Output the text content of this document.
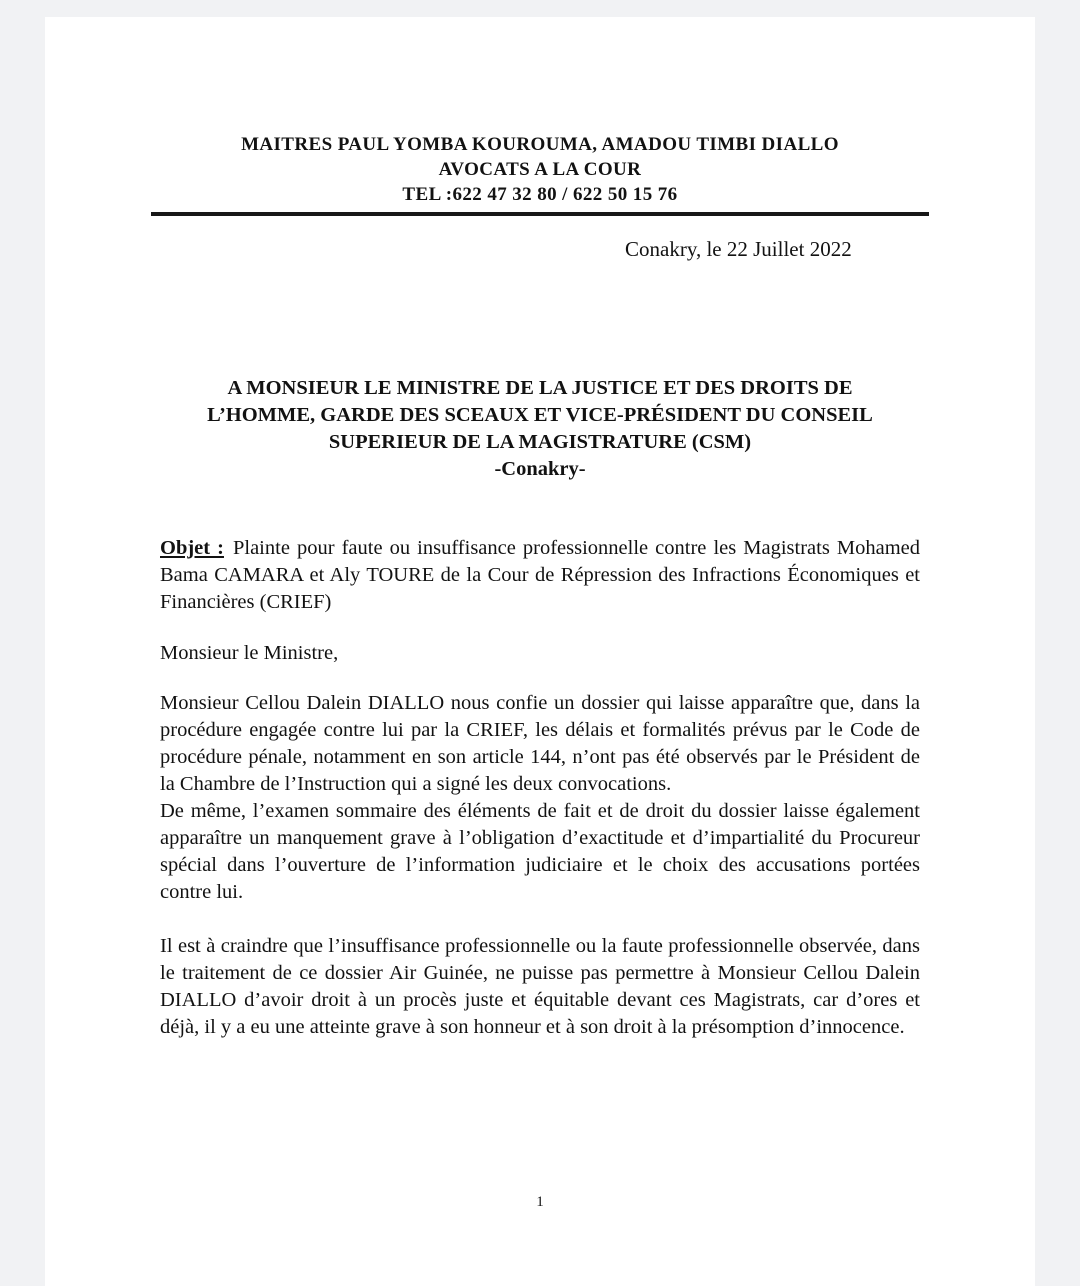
MAITRES PAUL YOMBA KOUROUMA, AMADOU TIMBI DIALLO
AVOCATS A LA COUR
TEL :622 47 32 80 / 622 50 15 76
Conakry, le 22 Juillet 2022
A MONSIEUR LE MINISTRE DE LA JUSTICE ET DES DROITS DE
L’HOMME, GARDE DES SCEAUX ET VICE-PRÉSIDENT DU CONSEIL
SUPERIEUR DE LA MAGISTRATURE (CSM)
-Conakry-

Objet : Plainte pour faute ou insuffisance professionnelle contre les Magistrats Mohamed Bama CAMARA et Aly TOURE de la Cour de Répression des Infractions Économiques et Financières (CRIEF)

Monsieur le Ministre,

Monsieur Cellou Dalein DIALLO nous confie un dossier qui laisse apparaître que, dans la procédure engagée contre lui par la CRIEF, les délais et formalités prévus par le Code de procédure pénale, notamment en son article 144, n’ont pas été observés par le Président de la Chambre de l’Instruction qui a signé les deux convocations.

De même, l’examen sommaire des éléments de fait et de droit du dossier laisse également apparaître un manquement grave à l’obligation d’exactitude et d’impartialité du Procureur spécial dans l’ouverture de l’information judiciaire et le choix des accusations portées contre lui.

Il est à craindre que l’insuffisance professionnelle ou la faute professionnelle observée, dans le traitement de ce dossier Air Guinée, ne puisse pas permettre à Monsieur Cellou Dalein DIALLO d’avoir droit à un procès juste et équitable devant ces Magistrats, car d’ores et déjà, il y a eu une atteinte grave à son honneur et à son droit à la présomption d’innocence.

1
